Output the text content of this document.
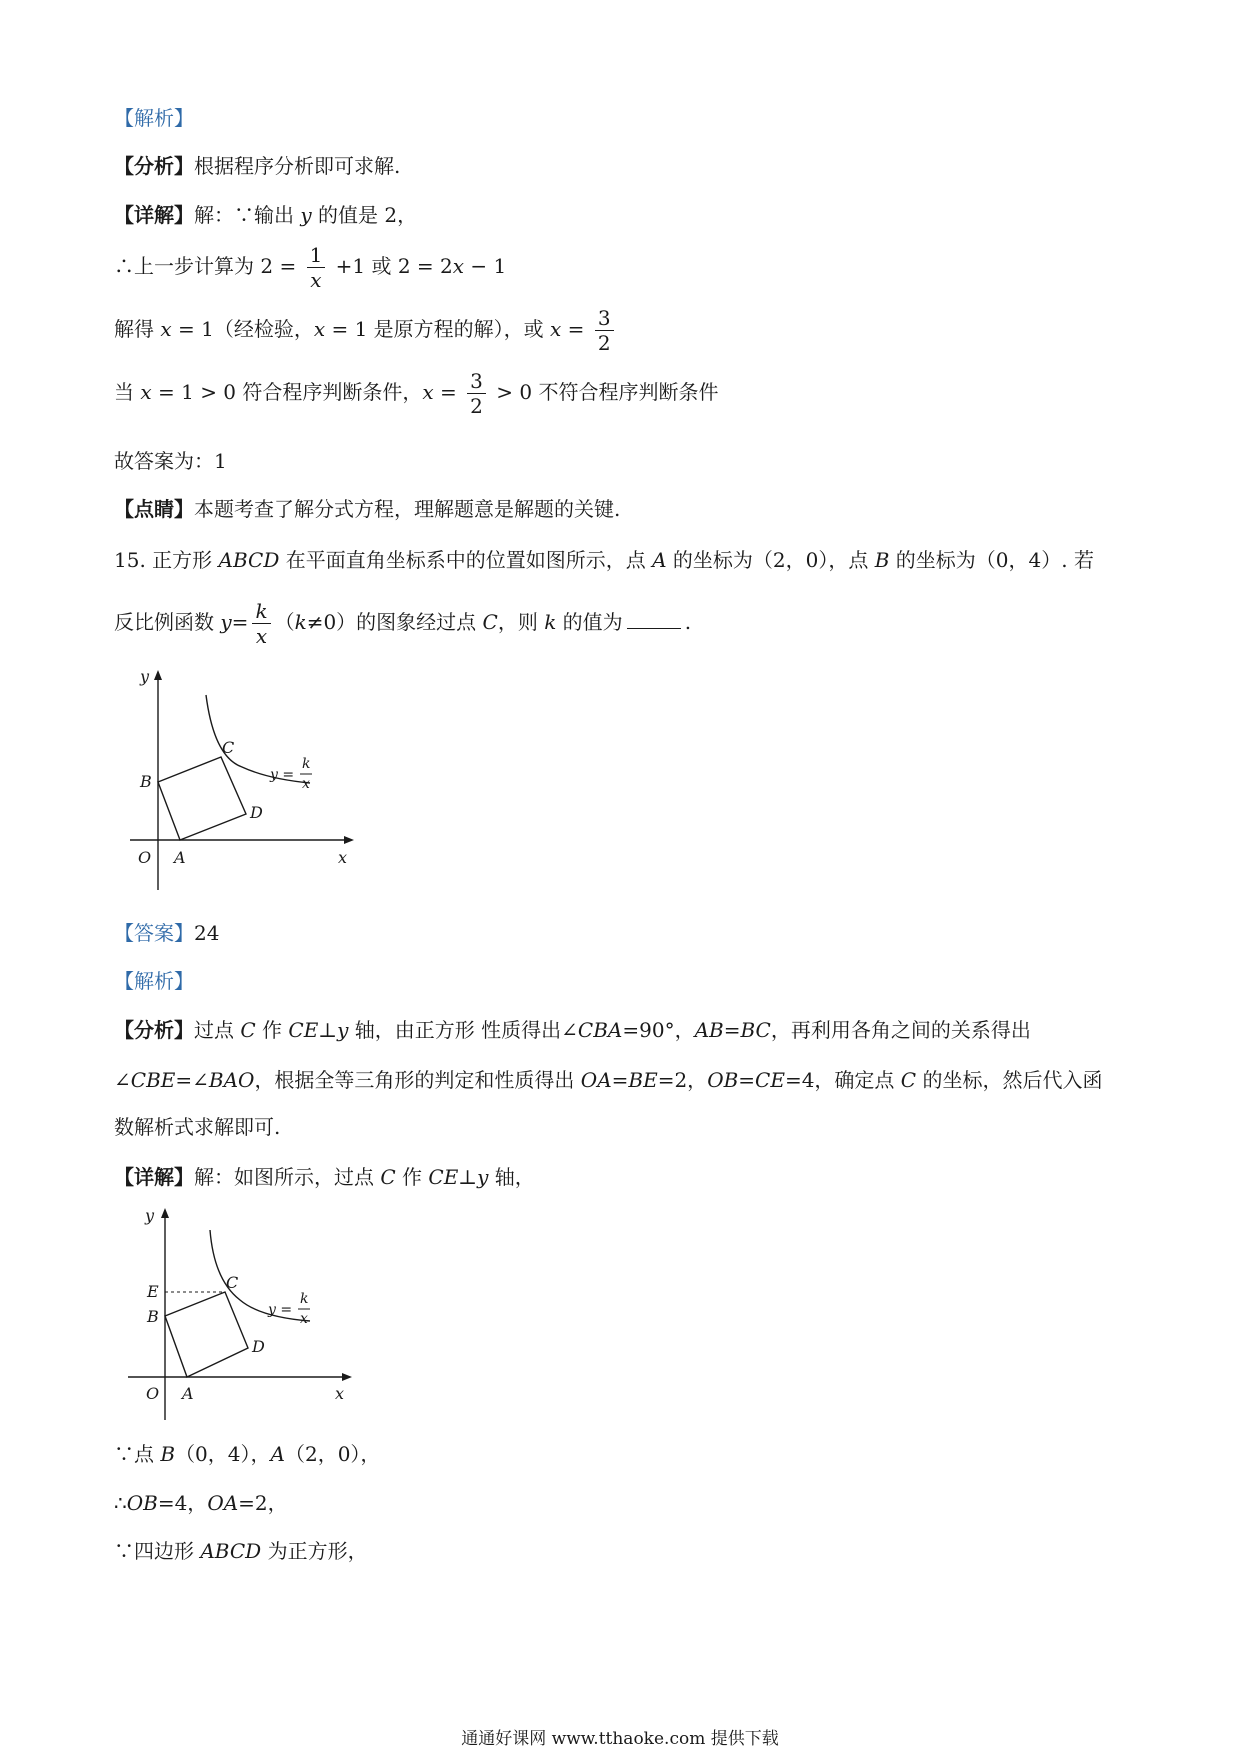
【解析】
【分析】根据程序分析即可求解.
【详解】解：∵输出 y 的值是 2，
∴上一步计算为 $2 = \frac{1}{x} +1$ 或 2 = 2x − 1
解得 x = 1（经检验，x = 1 是原方程的解），或 $x = \frac{3}{2}$
当 x = 1 > 0 符合程序判断条件，$x = \frac{3}{2} > 0$ 不符合程序判断条件
故答案为：1
【点睛】本题考查了解分式方程，理解题意是解题的关键.
15. 正方形 ABCD 在平面直角坐标系中的位置如图所示，点 A 的坐标为（2，0），点 B 的坐标为（0，4）. 若
反比例函数 $y= \frac{k}{x} (k\ne 0)$的图象经过点 C，则 k 的值为	.
y
x
O A
B
C
D
y =
k
x
【答案】24
【解析】
【分析】过点 C 作 CE⊥y 轴，由正方形 性质得出∠CBA=90°，AB=BC，再利用各角之间的关系得出
∠CBE=∠BAO，根据全等三角形的判定和性质得出 OA=BE=2，OB=CE=4，确定点 C 的坐标，然后代入函
数解析式求解即可.
【详解】解：如图所示，过点 C 作 CE⊥y 轴，
y
x
O A
B
E	C
D
y =
k
x
∵点 B（0，4），A（2，0），
∴OB=4，OA=2，
∵四边形 ABCD 为正方形，
通通好课网 www.tthaoke.com 提供下载
